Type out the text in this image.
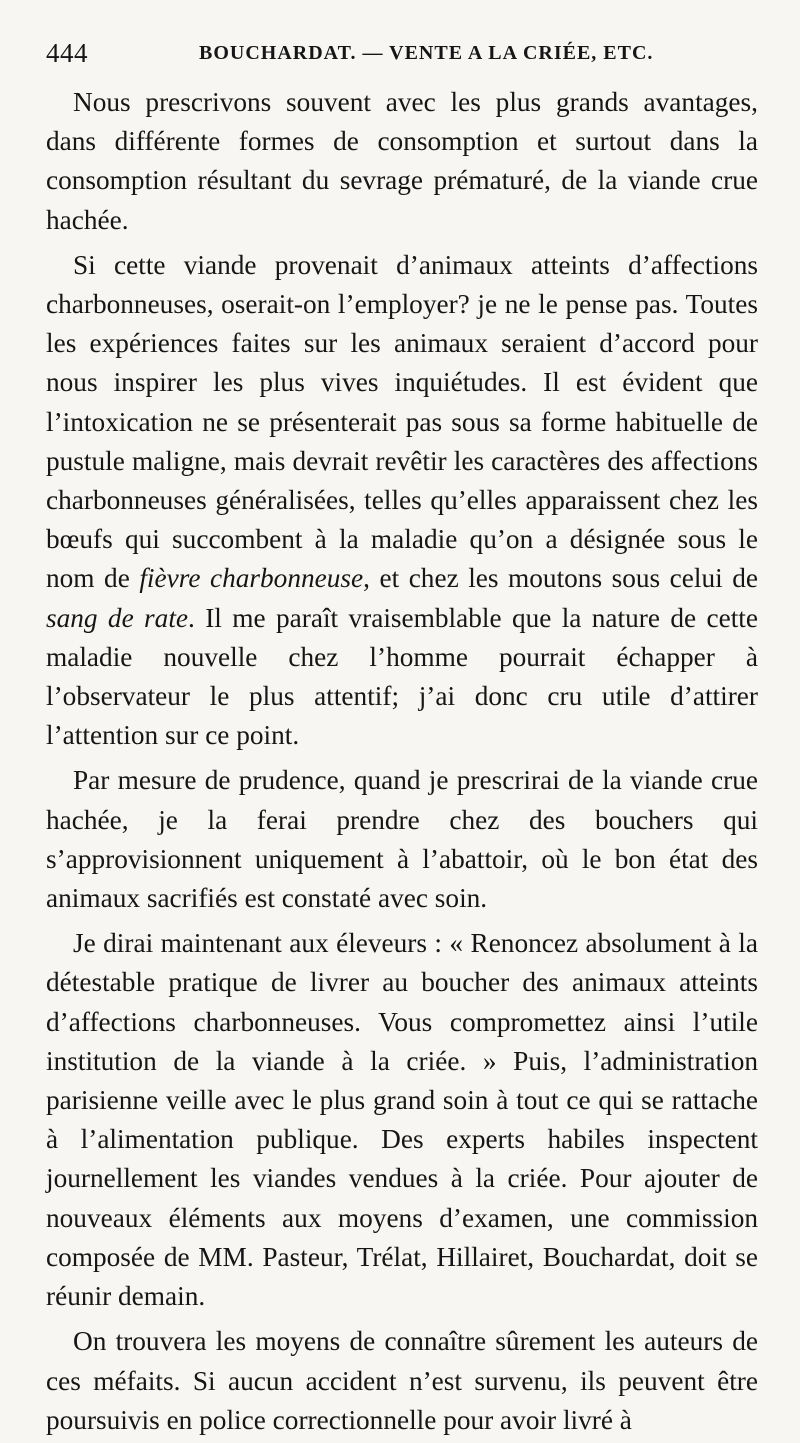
444	BOUCHARDAT. — VENTE A LA CRIÉE, ETC.

Nous prescrivons souvent avec les plus grands avantages, dans différente formes de consomption et surtout dans la consomption résultant du sevrage prématuré, de la viande crue hachée.

Si cette viande provenait d’animaux atteints d’affections charbonneuses, oserait-on l’employer? je ne le pense pas. Toutes les expériences faites sur les animaux seraient d’accord pour nous inspirer les plus vives inquiétudes. Il est évident que l’intoxication ne se présenterait pas sous sa forme habituelle de pustule maligne, mais devrait revêtir les caractères des affections charbonneuses généralisées, telles qu’elles apparaissent chez les bœufs qui succombent à la maladie qu’on a désignée sous le nom de fièvre charbonneuse, et chez les moutons sous celui de sang de rate. Il me paraît vraisemblable que la nature de cette maladie nouvelle chez l’homme pourrait échapper à l’observateur le plus attentif; j’ai donc cru utile d’attirer l’attention sur ce point.

Par mesure de prudence, quand je prescrirai de la viande crue hachée, je la ferai prendre chez des bouchers qui s’approvisionnent uniquement à l’abattoir, où le bon état des animaux sacrifiés est constaté avec soin.

Je dirai maintenant aux éleveurs : « Renoncez absolument à la détestable pratique de livrer au boucher des animaux atteints d’affections charbonneuses. Vous compromettez ainsi l’utile institution de la viande à la criée. » Puis, l’administration parisienne veille avec le plus grand soin à tout ce qui se rattache à l’alimentation publique. Des experts habiles inspectent journellement les viandes vendues à la criée. Pour ajouter de nouveaux éléments aux moyens d’examen, une commission composée de MM. Pasteur, Trélat, Hillairet, Bouchardat, doit se réunir demain.

On trouvera les moyens de connaître sûrement les auteurs de ces méfaits. Si aucun accident n’est survenu, ils peuvent être poursuivis en police correctionnelle pour avoir livré à
